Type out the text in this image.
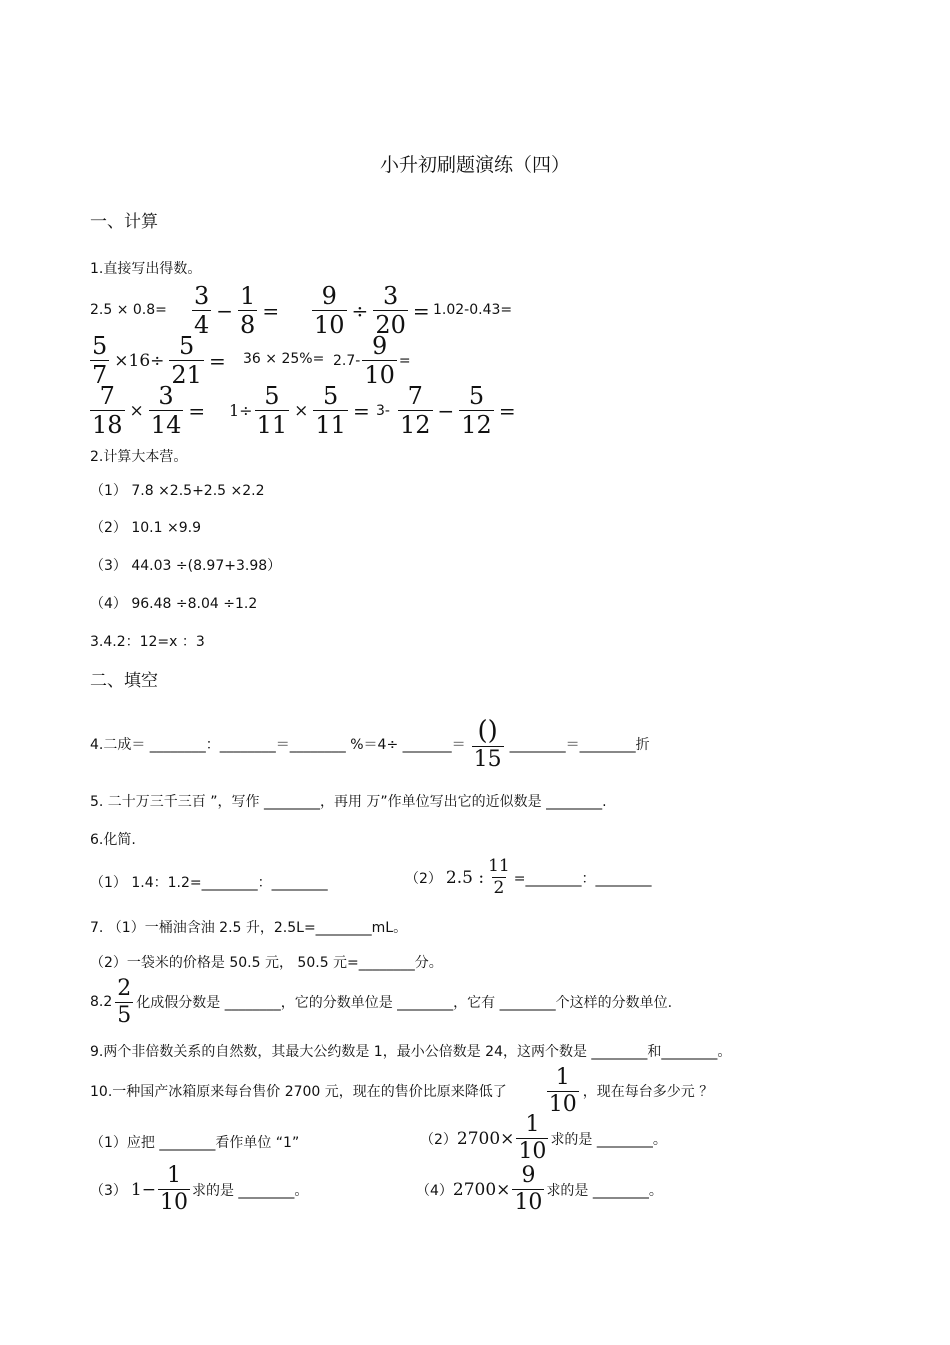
小升初刷题演练（四）
一、计算
1.直接写出得数。
$2.5 \times 0.8= \frac{3}{4} - \frac{1}{8} = \frac{9}{10} \div \frac{3}{20} = 1.02-0.43=$
$\frac{5}{7} \times 16\div \frac{5}{21} = 36 \times 25\%= 2.7- \frac{9}{10}$ =
$\frac{7}{18} \times \frac{3}{14} = 1\div \frac{5}{11} \times \frac{5}{11} = 3- \frac{7}{12} - \frac{5}{12}$ =
2.计算大本营。
（1） 7.8 ×2.5+2.5 ×2.2
（2） 10.1 ×9.9
（3） 44.03 ÷(8.97+3.98）
（4） 96.48 ÷8.04 ÷1.2
3.4.2：12=x ：3
二、填空
4.二成＝ ________：________＝________ %＝4÷ _______＝ $\frac{()}{15}$ ________＝________折
5. 二十万三千三百 ”，写作 ________，再用 万”作单位写出它的近似数是 ________.
6.化简.
（1） 1.4：1.2=________：________	（2） 2.5 : $\frac{11}{2}$ =________：________
7. （1）一桶油含油 2.5 升，2.5L=________mL。
（2）一袋米的价格是 50.5 元， 50.5 元=________分。
$8.2 \frac{2}{5}$ 化成假分数是 ________，它的分数单位是 ________，它有 ________个这样的分数单位.
9.两个非倍数关系的自然数，其最大公约数是 1，最小公倍数是 24，这两个数是 ________和________。
10.一种国产冰箱原来每台售价 2700 元，现在的售价比原来降低了 $\frac{1}{10}$ ，现在每台多少元 ？
（1）应把 ________看作单位 “1”	（2） $2700\times \frac{1}{10}$ 求的是 ________。
（3） $1- \frac{1}{10}$ 求的是 ________。	（4） $2700\times \frac{9}{10}$ 求的是 ________。
